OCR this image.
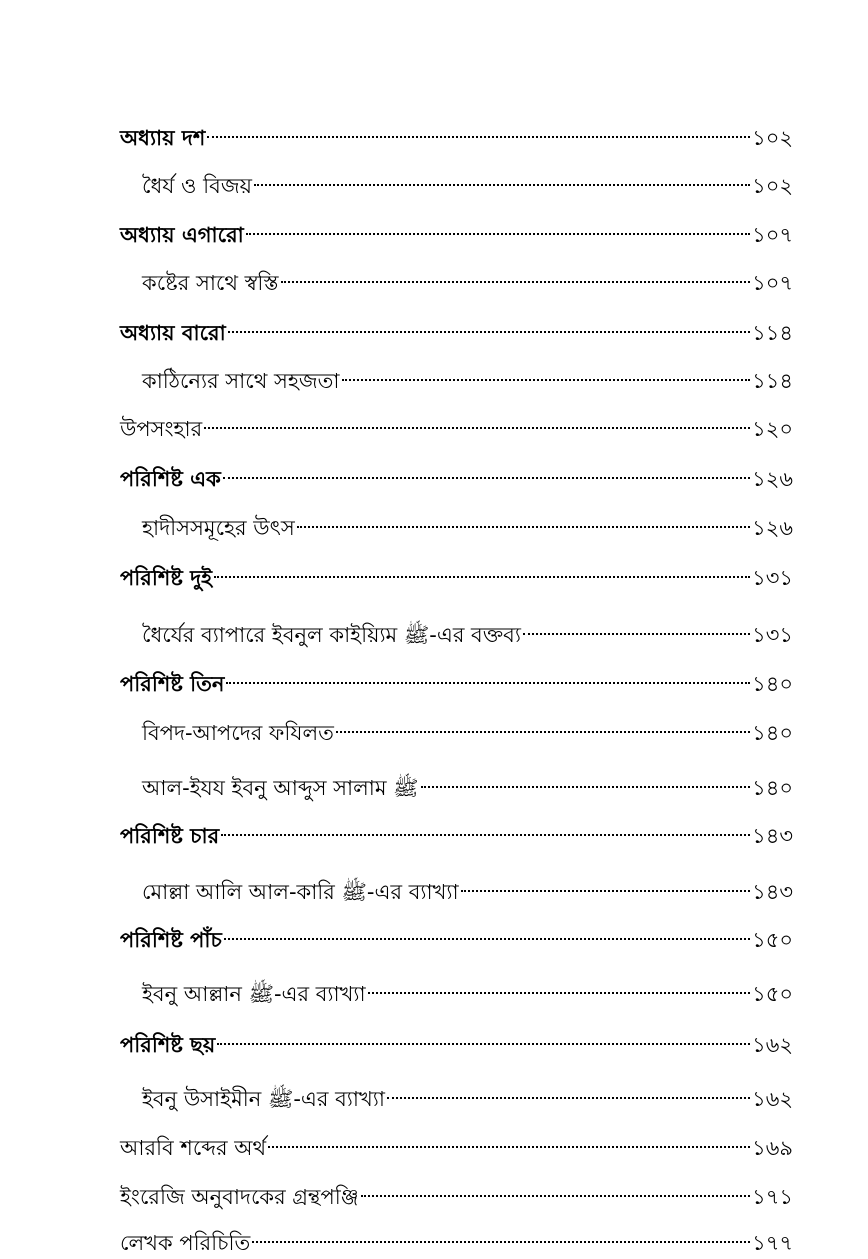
অধ্যায় দশ	১০২
ধৈর্য ও বিজয়	১০২
অধ্যায় এগারো	১০৭
কষ্টের সাথে স্বস্তি	১০৭
অধ্যায় বারো	১১৪
কাঠিন্যের সাথে সহজতা	১১৪
উপসংহার	১২০
পরিশিষ্ট এক	১২৬
হাদীসসমূহের উৎস	১২৬
পরিশিষ্ট দুই	১৩১
ধৈর্যের ব্যাপারে ইবনুল কাইয়্যিম ﷺ-এর বক্তব্য	১৩১
পরিশিষ্ট তিন	১৪০
বিপদ-আপদের ফযিলত	১৪০
আল-ইযয ইবনু আব্দুস সালাম ﷺ	১৪০
পরিশিষ্ট চার	১৪৩
মোল্লা আলি আল-কারি ﷺ-এর ব্যাখ্যা	১৪৩
পরিশিষ্ট পাঁচ	১৫০
ইবনু আল্লান ﷺ-এর ব্যাখ্যা	১৫০
পরিশিষ্ট ছয়	১৬২
ইবনু উসাইমীন ﷺ-এর ব্যাখ্যা	১৬২
আরবি শব্দের অর্থ	১৬৯
ইংরেজি অনুবাদকের গ্রন্থপঞ্জি	১৭১
লেখক পরিচিতি	১৭৭
